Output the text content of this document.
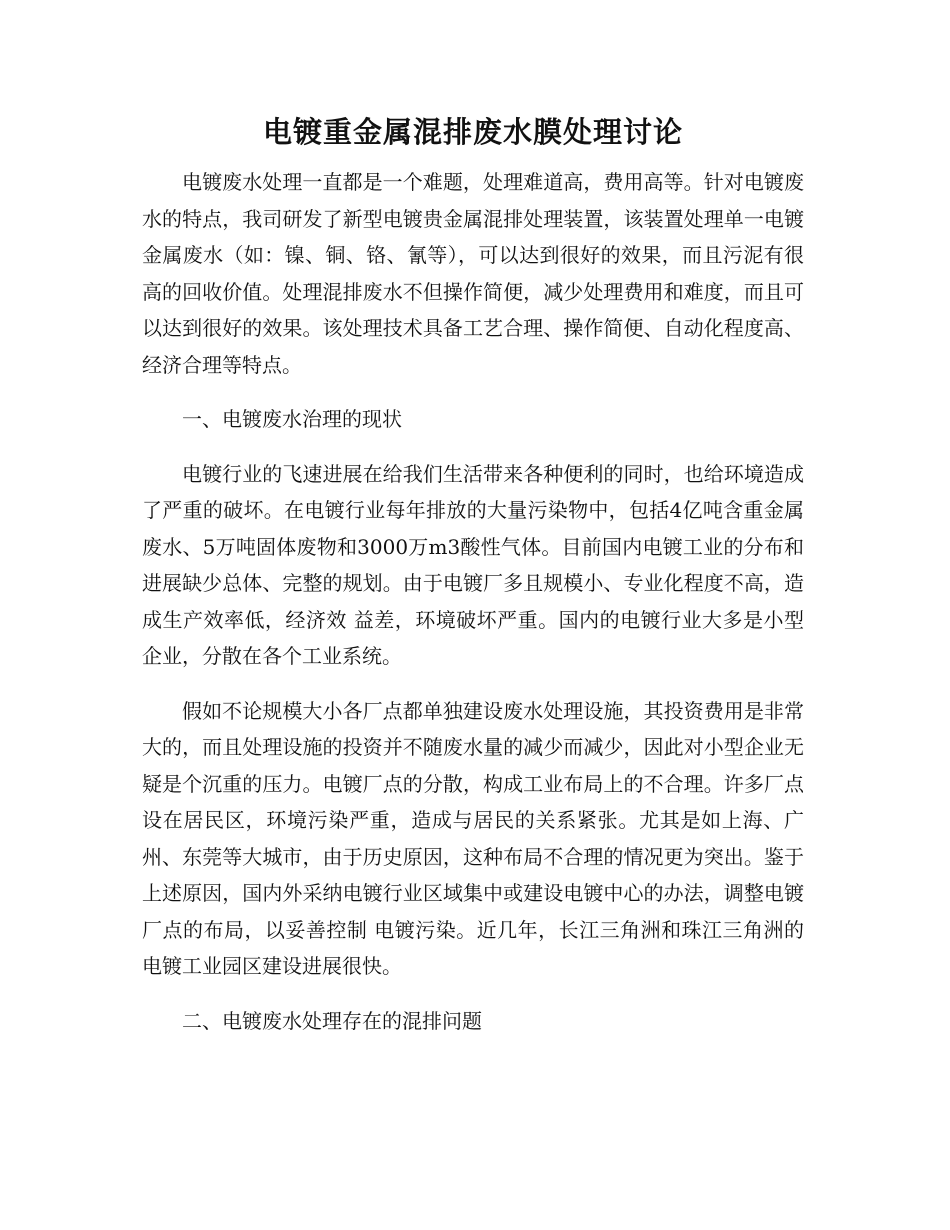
电镀重金属混排废水膜处理讨论

电镀废水处理一直都是一个难题，处理难道高，费用高等。针对电镀废水的特点，我司研发了新型电镀贵金属混排处理装置，该装置处理单一电镀金属废水（如：镍、铜、铬、氰等），可以达到很好的效果，而且污泥有很高的回收价值。处理混排废水不但操作简便，减少处理费用和难度，而且可以达到很好的效果。该处理技术具备工艺合理、操作简便、自动化程度高、经济合理等特点。

一、电镀废水治理的现状

电镀行业的飞速进展在给我们生活带来各种便利的同时，也给环境造成了严重的破坏。在电镀行业每年排放的大量污染物中，包括4亿吨含重金属废水、5万吨固体废物和3000万m3酸性气体。目前国内电镀工业的分布和进展缺少总体、完整的规划。由于电镀厂多且规模小、专业化程度不高，造成生产效率低，经济效 益差，环境破坏严重。国内的电镀行业大多是小型企业，分散在各个工业系统。

假如不论规模大小各厂点都单独建设废水处理设施，其投资费用是非常大的，而且处理设施的投资并不随废水量的减少而减少，因此对小型企业无疑是个沉重的压力。电镀厂点的分散，构成工业布局上的不合理。许多厂点设在居民区，环境污染严重，造成与居民的关系紧张。尤其是如上海、广州、东莞等大城市，由于历史原因，这种布局不合理的情况更为突出。鉴于上述原因，国内外采纳电镀行业区域集中或建设电镀中心的办法，调整电镀厂点的布局，以妥善控制 电镀污染。近几年，长江三角洲和珠江三角洲的电镀工业园区建设进展很快。

二、电镀废水处理存在的混排问题
